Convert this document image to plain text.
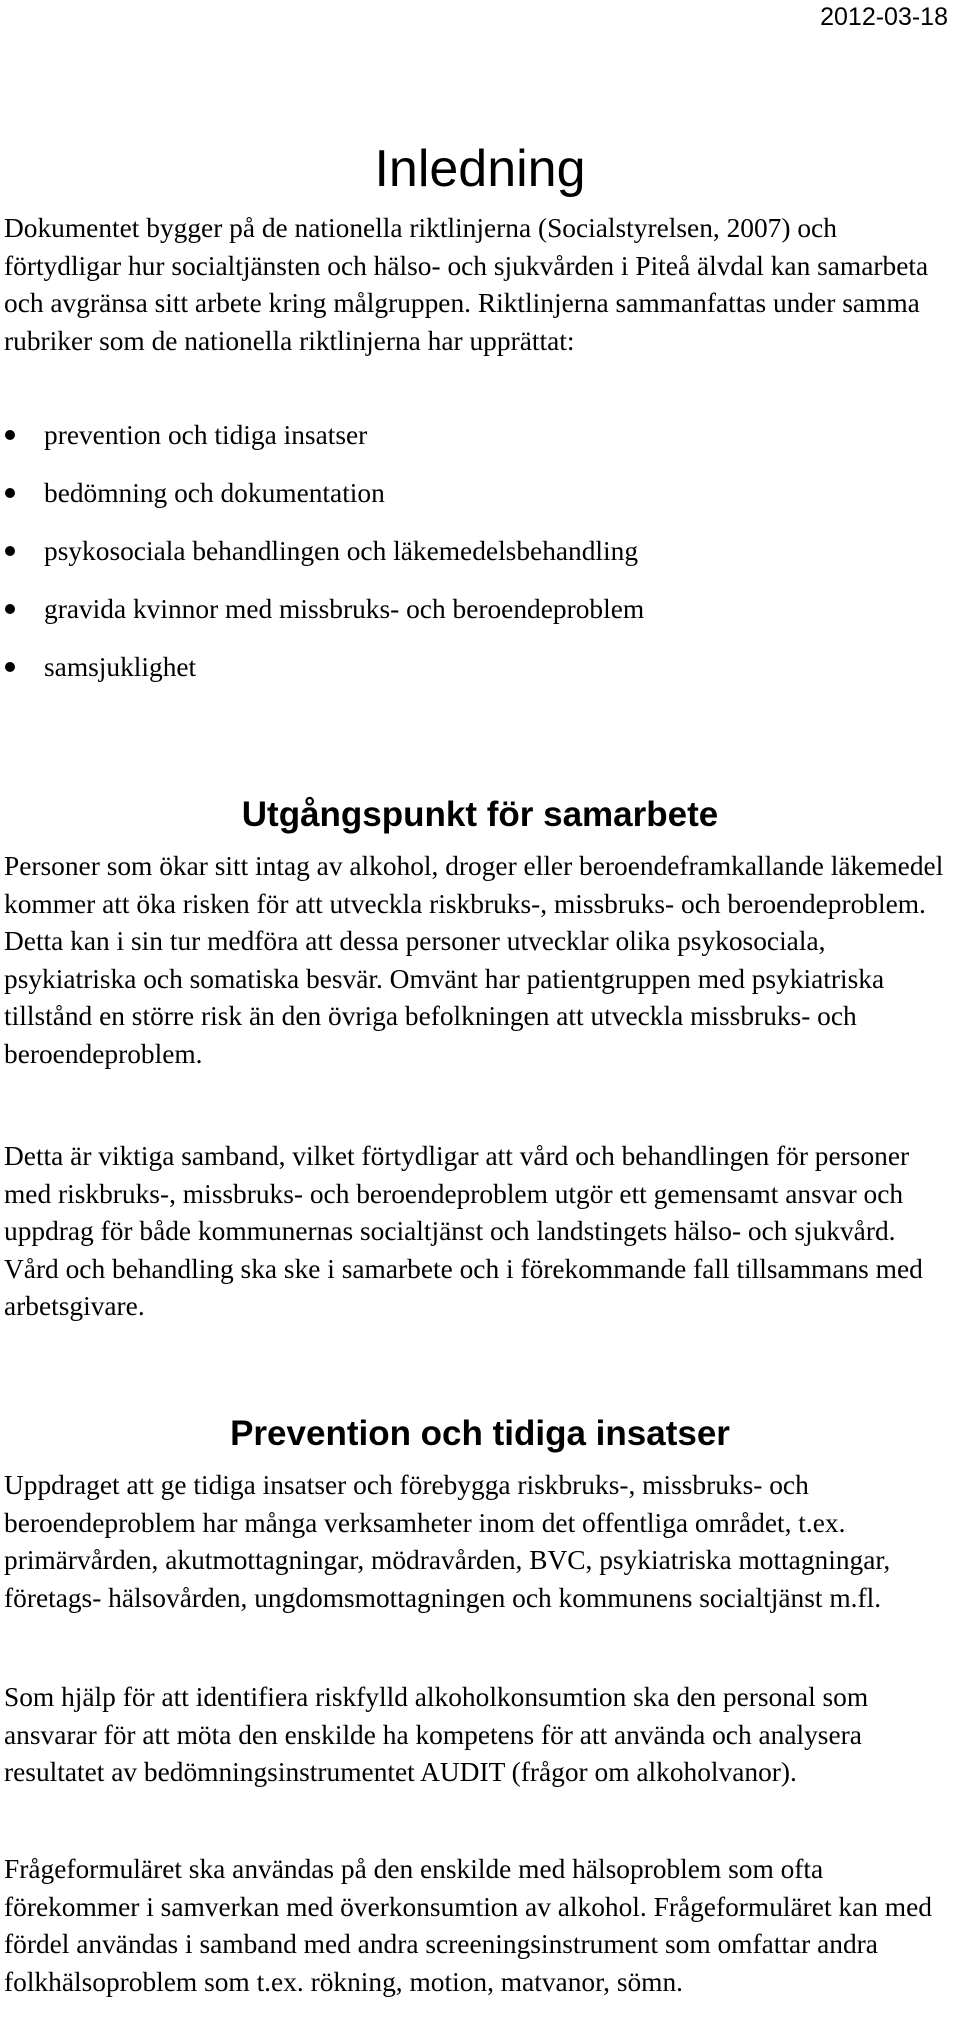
2012-03-18
Inledning

Dokumentet bygger på de nationella riktlinjerna (Socialstyrelsen, 2007) och förtydligar hur socialtjänsten och hälso- och sjukvården i Piteå älvdal kan samarbeta och avgränsa sitt arbete kring målgruppen. Riktlinjerna sammanfattas under samma rubriker som de nationella riktlinjerna har upprättat:

prevention och tidiga insatser
bedömning och dokumentation
psykosociala behandlingen och läkemedelsbehandling
gravida kvinnor med missbruks- och beroendeproblem
samsjuklighet
Utgångspunkt för samarbete

Personer som ökar sitt intag av alkohol, droger eller beroendeframkallande läkemedel kommer att öka risken för att utveckla riskbruks-, missbruks- och beroendeproblem. Detta kan i sin tur medföra att dessa personer utvecklar olika psykosociala, psykiatriska och somatiska besvär. Omvänt har patientgruppen med psykiatriska tillstånd en större risk än den övriga befolkningen att utveckla missbruks- och beroendeproblem.

Detta är viktiga samband, vilket förtydligar att vård och behandlingen för personer med riskbruks-, missbruks- och beroendeproblem utgör ett gemensamt ansvar och uppdrag för både kommunernas socialtjänst och landstingets hälso- och sjukvård. Vård och behandling ska ske i samarbete och i förekommande fall tillsammans med arbetsgivare.

Prevention och tidiga insatser

Uppdraget att ge tidiga insatser och förebygga riskbruks-, missbruks- och beroendeproblem har många verksamheter inom det offentliga området, t.ex. primärvården, akutmottagningar, mödravården, BVC, psykiatriska mottagningar, företags- hälsovården, ungdomsmottagningen och kommunens socialtjänst m.fl.

Som hjälp för att identifiera riskfylld alkoholkonsumtion ska den personal som ansvarar för att möta den enskilde ha kompetens för att använda och analysera resultatet av bedömningsinstrumentet AUDIT (frågor om alkoholvanor).

Frågeformuläret ska användas på den enskilde med hälsoproblem som ofta förekommer i samverkan med överkonsumtion av alkohol. Frågeformuläret kan med fördel användas i samband med andra screeningsinstrument som omfattar andra folkhälsoproblem som t.ex. rökning, motion, matvanor, sömn.
